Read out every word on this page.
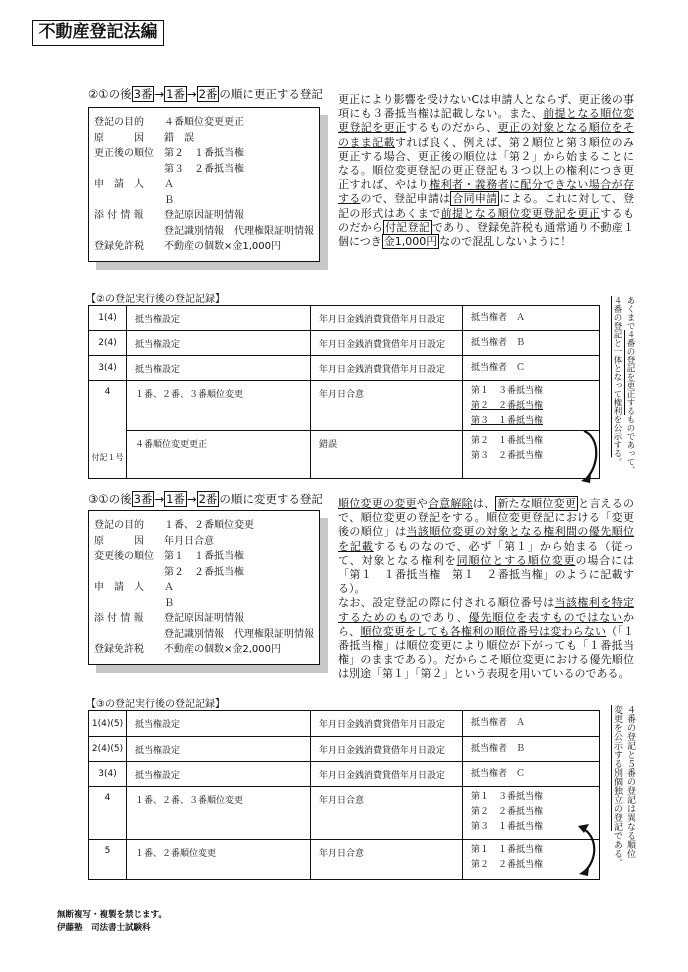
不動産登記法編
②①の後 3番 → 1番 → 2番 の順に更正する登記
登記の目的	４番順位変更更正
原　　　因	錯　誤
更正後の順位	第２　１番抵当権
第３　２番抵当権
申　請　人	Ａ
Ｂ
添 付 情 報	登記原因証明情報
登記識別情報　代理権限証明情報
登録免許税	不動産の個数×金1,000円
更正により影響を受けないCは申請人とならず、更正後の事項にも３番抵当権は記載しない。また、前提となる順位変更登記を更正するものだから、更正の対象となる順位をそのまま記載すれば良く、例えば、第２順位と第３順位のみ更正する場合、更正後の順位は「第２」から始まることになる。順位変更登記の更正登記も３つ以上の権利につき更正すれば、やはり権利者・義務者に配分できない場合が存するので、登記申請は 合同申請 による。これに対して、登記の形式はあくまで前提となる順位変更登記を更正するものだから 付記登記 であり、登録免許税も通常通り不動産１個につき 金1,000円 なので混乱しないように！
【②の登記実行後の登記記録】
1(4)	抵当権設定	年月日金銭消費貸借年月日設定	抵当権者　Ａ

2(4)	抵当権設定	年月日金銭消費貸借年月日設定	抵当権者　Ｂ

3(4)	抵当権設定	年月日金銭消費貸借年月日設定	抵当権者　Ｃ

4	１番、２番、３番順位変更	年月日合意	第１　３番抵当権
第２　２番抵当権
第３　１番抵当権

付記１号	４番順位変更更正	錯誤	第２　１番抵当権
第３　２番抵当権
あくまで４番の登記を更正するものであって、
４番の登記と一体となって権利を公示する。
③①の後 3番 → 1番 → 2番 の順に変更する登記
登記の目的	１番、２番順位変更
原　　　因	年月日合意
変更後の順位	第１　１番抵当権
第２　２番抵当権
申　請　人	Ａ
Ｂ
添 付 情 報	登記原因証明情報
登記識別情報　代理権限証明情報
登録免許税	不動産の個数×金2,000円
順位変更の変更や合意解除は、 新たな順位変更 と言えるので、順位変更の登記をする。順位変更登記における「変更後の順位」は当該順位変更の対象となる権利間の優先順位を記載するものなので、必ず「第１」から始まる（従って、対象となる権利を同順位とする順位変更の場合には「第１　１番抵当権　第１　２番抵当権」のように記載する）。
なお、設定登記の際に付される順位番号は当該権利を特定するためのものであり、優先順位を表すものではないから、順位変更をしても各権利の順位番号は変わらない（「１番抵当権」は順位変更により順位が下がっても「１番抵当権」のままである）。だからこそ順位変更における優先順位は別途「第１」「第２」という表現を用いているのである。
【③の登記実行後の登記記録】
1(4)(5)	抵当権設定	年月日金銭消費貸借年月日設定	抵当権者　Ａ

2(4)(5)	抵当権設定	年月日金銭消費貸借年月日設定	抵当権者　Ｂ

3(4)	抵当権設定	年月日金銭消費貸借年月日設定	抵当権者　Ｃ

4	１番、２番、３番順位変更	年月日合意	第１　３番抵当権
第２　２番抵当権
第３　１番抵当権

5	１番、２番順位変更	年月日合意	第１　１番抵当権
第２　２番抵当権
４番の登記と５番の登記は異なる順位
変更を公示する別個独立の登記である。
無断複写・複製を禁じます。
伊藤塾　司法書士試験科
